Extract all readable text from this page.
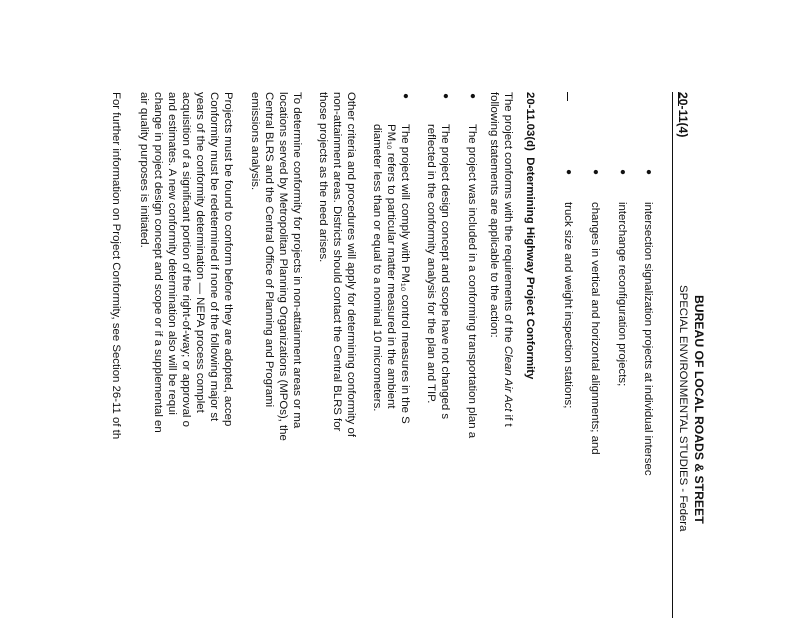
20-11(4)
BUREAU OF LOCAL ROADS & STREET
SPECIAL ENVIRONMENTAL STUDIES - Federa
●
intersection signalization projects at individual intersec
●
interchange reconfiguration projects;
●
changes in vertical and horizontal alignments; and
●
truck size and weight inspection stations;
20-11.03(d)  Determining Highway Project Conformity
The project conforms with the requirements of the Clean Air Act if t
following statements are applicable to the action:
●
The project was included in a conforming transportation plan a
●
The project design concept and scope have not changed s
reflected in the conformity analysis for the plan and TIP.
●
The project will comply with PM₁₀ control measures in the S
PM₁₀ refers to particular matter measured in the ambient
diameter less than or equal to a nominal 10 micrometers.
Other criteria and procedures will apply for determining conformity of
non-attainment areas. Districts should contact the Central BLRS for
those projects as the need arises.
To determine conformity for projects in non-attainment areas or ma
locations served by Metropolitan Planning Organizations (MPOs), the
Central BLRS and the Central Office of Planning and Programi
emissions analysis.
Projects must be found to conform before they are adopted, accep
Conformity must be redetermined if none of the following major st
years of the conformity determination — NEPA process complet
acquisition of a significant portion of the right-of-way; or approval o
and estimates. A new conformity determination also will be requi
change in project design concept and scope or if a supplemental en
air quality purposes is initiated.
For further information on Project Conformity, see Section 26-11 of th
